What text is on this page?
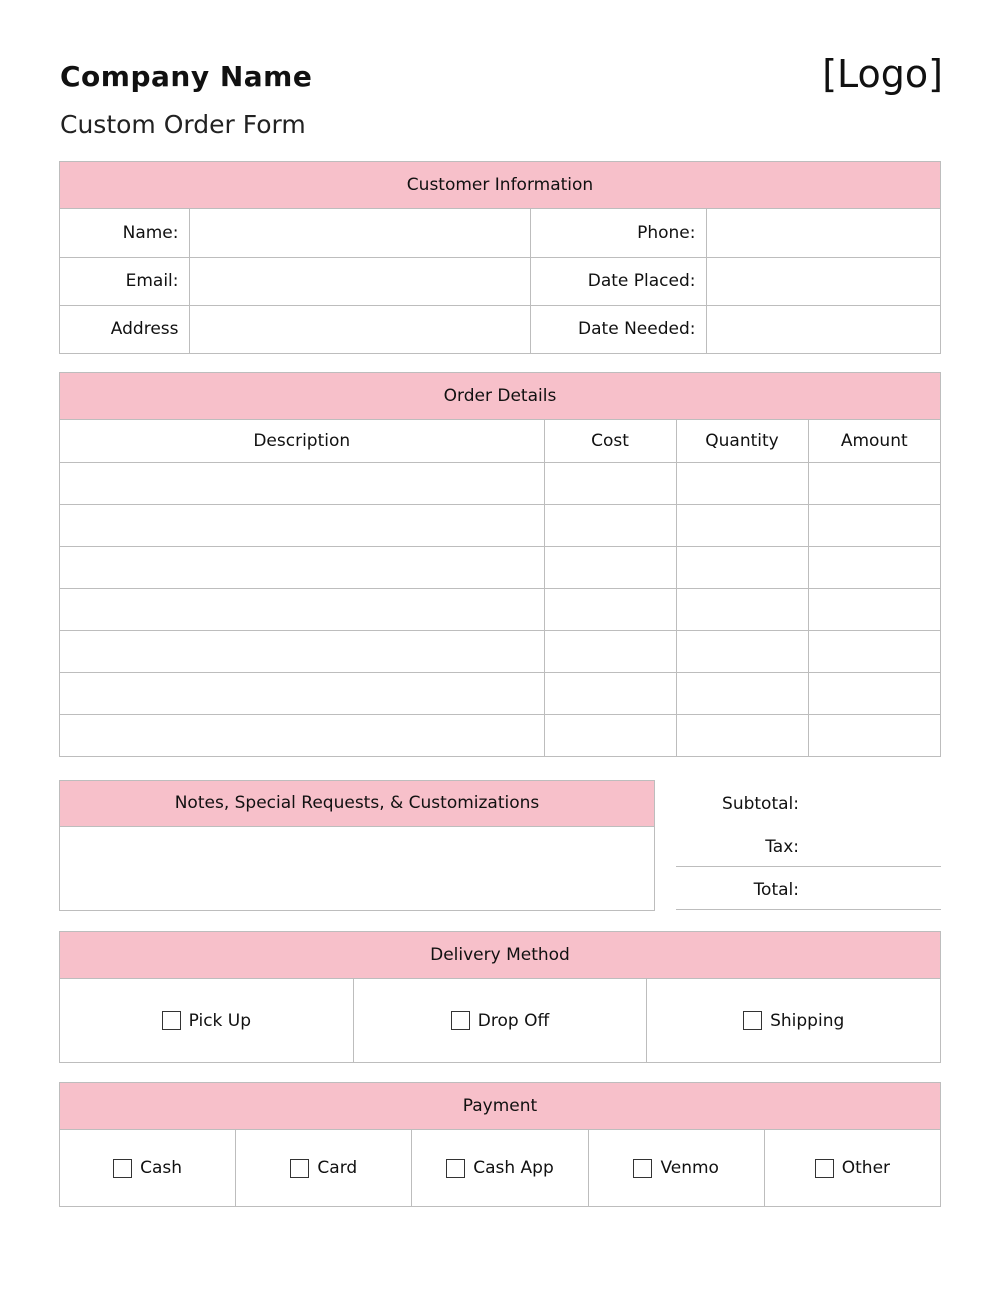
Company Name
Custom Order Form
[Logo]
Customer Information
Name:		Phone:	
Email:		Date Placed:	
Address		Date Needed:	
Order Details
Description	Cost	Quantity	Amount

Notes, Special Requests, & Customizations	Subtotal:
Tax:
Total:
Delivery Method
Pick Up	Drop Off	Shipping
Payment
Cash	Card	Cash App	Venmo	Other
